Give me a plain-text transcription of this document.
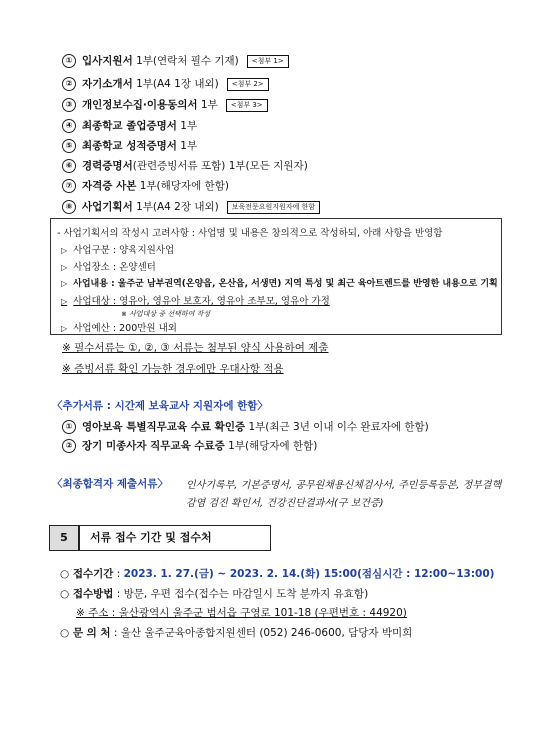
① 입사지원서 1부(연락처 필수 기재) <첨부 1>
② 자기소개서 1부(A4 1장 내외) <첨부 2>
③ 개인정보수집·이용동의서 1부 <첨부 3>
④ 최종학교 졸업증명서 1부
⑤ 최종학교 성적증명서 1부
⑥ 경력증명서(관련증빙서류 포함) 1부(모든 지원자)
⑦ 자격증 사본 1부(해당자에 한함)
⑧ 사업기획서 1부(A4 2장 내외) 보육전문요원지원자에 한함
- 사업기획서의 작성시 고려사항 : 사업명 및 내용은 창의적으로 작성하되, 아래 사항을 반영함
▷ 사업구분 : 양육지원사업
▷ 사업장소 : 온양센터
▷ 사업내용 : 울주군 남부권역(온양읍, 온산읍, 서생면) 지역 특성 및 최근 육아트렌드를 반영한 내용으로 기획
▷ 사업대상 : 영유아, 영유아 보호자, 영유아 조부모, 영유아 가정
※ 사업대상 중 선택하여 작성
▷ 사업예산 : 200만원 내외
※ 필수서류는 ①, ②, ③ 서류는 첨부된 양식 사용하여 제출
※ 증빙서류 확인 가능한 경우에만 우대사항 적용
〈추가서류 : 시간제 보육교사 지원자에 한함〉
① 영아보육 특별직무교육 수료 확인증 1부(최근 3년 이내 이수 완료자에 한함)
② 장기 미종사자 직무교육 수료증 1부(해당자에 한함)
〈최종합격자 제출서류〉 인사기록부, 기본증명서, 공무원채용신체검사서, 주민등록등본, 정부결핵
감염 검진 확인서, 건강진단결과서(구 보건증)
5	서류 접수 기간 및 접수처
○ 접수기간 : 2023. 1. 27.(금) ~ 2023. 2. 14.(화) 15:00(점심시간 : 12:00~13:00)
○ 접수방법 : 방문, 우편 접수(접수는 마감일시 도착 분까지 유효함)
※ 주소 : 울산광역시 울주군 범서읍 구영로 101-18 (우편번호 : 44920)
○ 문 의 처 : 울산 울주군육아종합지원센터 (052) 246-0600, 담당자 박미희
